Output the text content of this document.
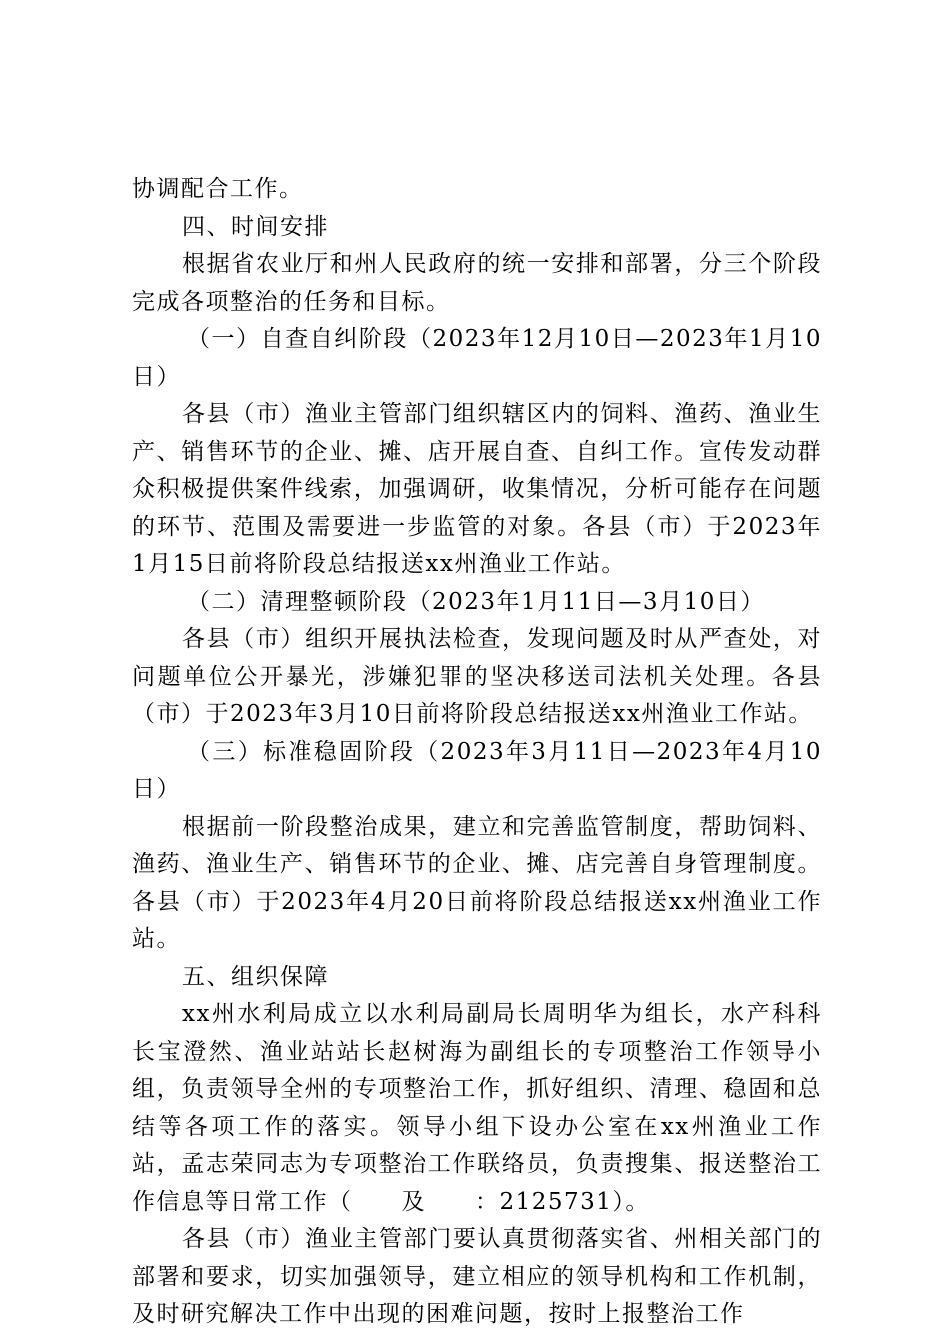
协调配合工作。

四、时间安排

根据省农业厅和州人民政府的统一安排和部署，分三个阶段完成各项整治的任务和目标。

（一）自查自纠阶段（2023年12月10日—2023年1月10日）

各县（市）渔业主管部门组织辖区内的饲料、渔药、渔业生产、销售环节的企业、摊、店开展自查、自纠工作。宣传发动群众积极提供案件线索，加强调研，收集情况，分析可能存在问题的环节、范围及需要进一步监管的对象。各县（市）于2023年1月15日前将阶段总结报送xx州渔业工作站。

（二）清理整顿阶段（2023年1月11日—3月10日）

各县（市）组织开展执法检查，发现问题及时从严查处，对问题单位公开暴光，涉嫌犯罪的坚决移送司法机关处理。各县（市）于2023年3月10日前将阶段总结报送xx州渔业工作站。

（三）标准稳固阶段（2023年3月11日—2023年4月10日）

根据前一阶段整治成果，建立和完善监管制度，帮助饲料、渔药、渔业生产、销售环节的企业、摊、店完善自身管理制度。各县（市）于2023年4月20日前将阶段总结报送xx州渔业工作站。

五、组织保障

xx州水利局成立以水利局副局长周明华为组长，水产科科长宝澄然、渔业站站长赵树海为副组长的专项整治工作领导小组，负责领导全州的专项整治工作，抓好组织、清理、稳固和总结等各项工作的落实。领导小组下设办公室在xx州渔业工作站，孟志荣同志为专项整治工作联络员，负责搜集、报送整治工作信息等日常工作（　　及　　：2125731）。

各县（市）渔业主管部门要认真贯彻落实省、州相关部门的部署和要求，切实加强领导，建立相应的领导机构和工作机制，及时研究解决工作中出现的困难问题，按时上报整治工作
